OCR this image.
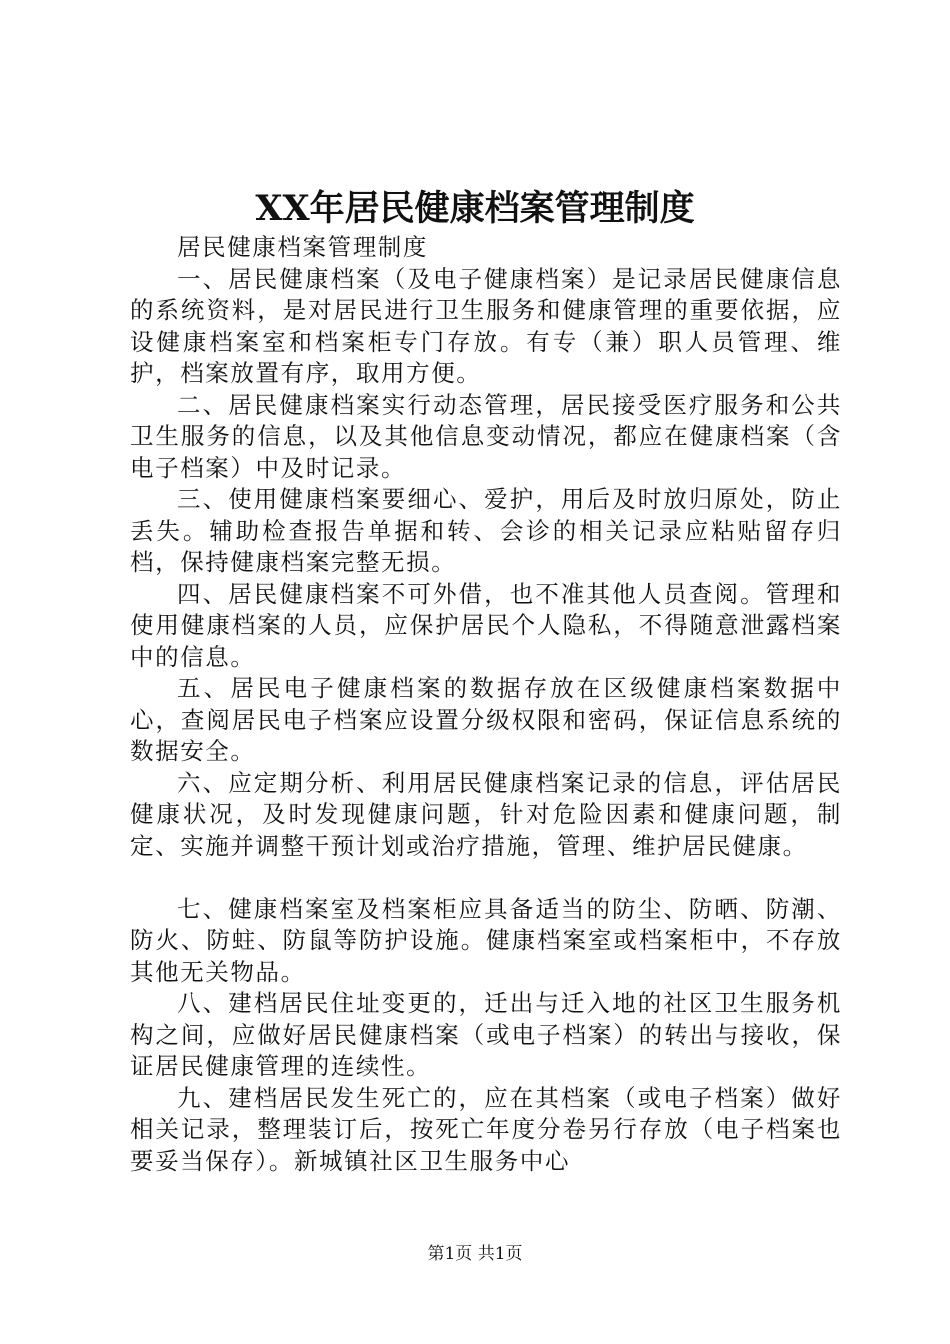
XX年居民健康档案管理制度

居民健康档案管理制度

一、居民健康档案（及电子健康档案）是记录居民健康信息的系统资料，是对居民进行卫生服务和健康管理的重要依据，应设健康档案室和档案柜专门存放。有专（兼）职人员管理、维护，档案放置有序，取用方便。

二、居民健康档案实行动态管理，居民接受医疗服务和公共卫生服务的信息，以及其他信息变动情况，都应在健康档案（含电子档案）中及时记录。

三、使用健康档案要细心、爱护，用后及时放归原处，防止丢失。辅助检查报告单据和转、会诊的相关记录应粘贴留存归档，保持健康档案完整无损。

四、居民健康档案不可外借，也不准其他人员查阅。管理和使用健康档案的人员，应保护居民个人隐私，不得随意泄露档案中的信息。

五、居民电子健康档案的数据存放在区级健康档案数据中心，查阅居民电子档案应设置分级权限和密码，保证信息系统的数据安全。

六、应定期分析、利用居民健康档案记录的信息，评估居民健康状况，及时发现健康问题，针对危险因素和健康问题，制定、实施并调整干预计划或治疗措施，管理、维护居民健康。

七、健康档案室及档案柜应具备适当的防尘、防晒、防潮、防火、防蛀、防鼠等防护设施。健康档案室或档案柜中，不存放其他无关物品。

八、建档居民住址变更的，迁出与迁入地的社区卫生服务机构之间，应做好居民健康档案（或电子档案）的转出与接收，保证居民健康管理的连续性。

九、建档居民发生死亡的，应在其档案（或电子档案）做好相关记录，整理装订后，按死亡年度分卷另行存放（电子档案也要妥当保存）。新城镇社区卫生服务中心

第1页 共1页
